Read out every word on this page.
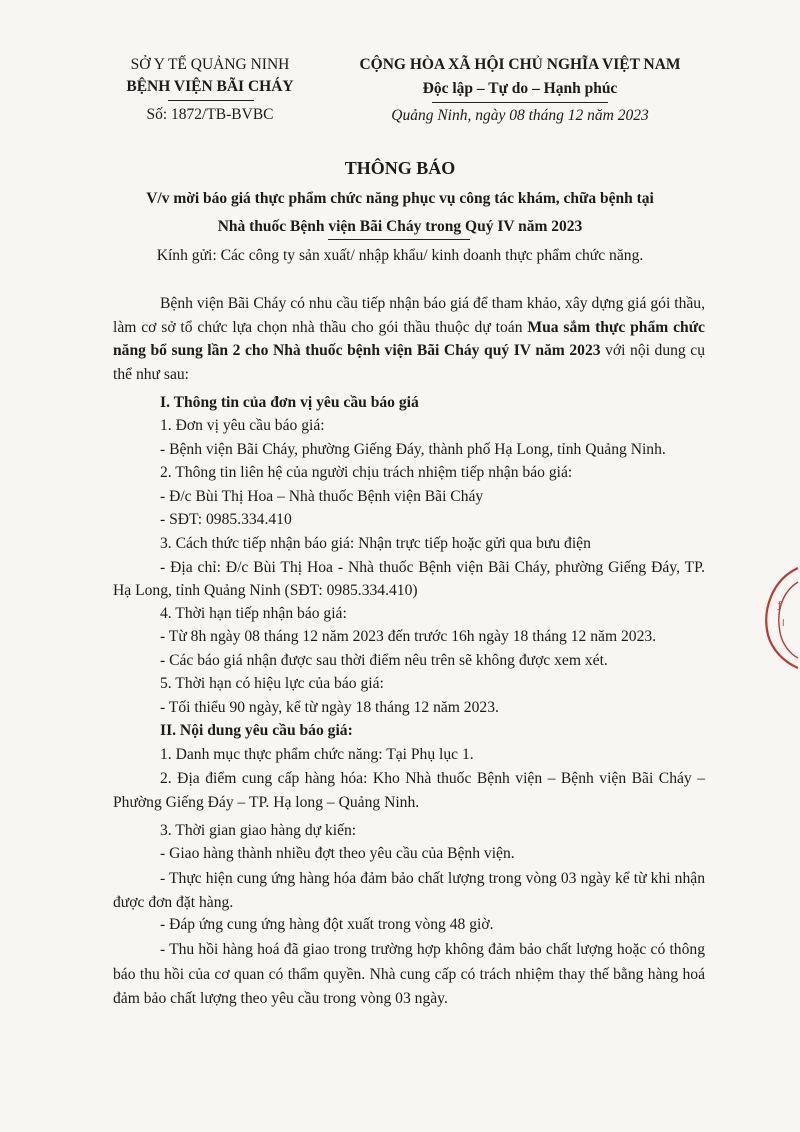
SỞ Y TẾ QUẢNG NINH
BỆNH VIỆN BÃI CHÁY
Số: 1872/TB-BVBC
CỘNG HÒA XÃ HỘI CHỦ NGHĨA VIỆT NAM
Độc lập – Tự do – Hạnh phúc
Quảng Ninh, ngày 08 tháng 12 năm 2023
THÔNG BÁO
V/v mời báo giá thực phẩm chức năng phục vụ công tác khám, chữa bệnh tại
Nhà thuốc Bệnh viện Bãi Cháy trong Quý IV năm 2023
Kính gửi: Các công ty sản xuất/ nhập khẩu/ kinh doanh thực phẩm chức năng.
Bệnh viện Bãi Cháy có nhu cầu tiếp nhận báo giá để tham khảo, xây dựng giá gói thầu, làm cơ sở tổ chức lựa chọn nhà thầu cho gói thầu thuộc dự toán Mua sắm thực phẩm chức năng bổ sung lần 2 cho Nhà thuốc bệnh viện Bãi Cháy quý IV năm 2023 với nội dung cụ thể như sau:
I. Thông tin của đơn vị yêu cầu báo giá
1. Đơn vị yêu cầu báo giá:
- Bệnh viện Bãi Cháy, phường Giếng Đáy, thành phố Hạ Long, tỉnh Quảng Ninh.
2. Thông tin liên hệ của người chịu trách nhiệm tiếp nhận báo giá:
- Đ/c Bùi Thị Hoa – Nhà thuốc Bệnh viện Bãi Cháy
- SĐT: 0985.334.410
3. Cách thức tiếp nhận báo giá: Nhận trực tiếp hoặc gửi qua bưu điện
- Địa chỉ: Đ/c Bùi Thị Hoa - Nhà thuốc Bệnh viện Bãi Cháy, phường Giếng Đáy, TP. Hạ Long, tỉnh Quảng Ninh (SĐT: 0985.334.410)
4. Thời hạn tiếp nhận báo giá:
- Từ 8h ngày 08 tháng 12 năm 2023 đến trước 16h ngày 18 tháng 12 năm 2023.
- Các báo giá nhận được sau thời điểm nêu trên sẽ không được xem xét.
5. Thời hạn có hiệu lực của báo giá:
- Tối thiểu 90 ngày, kể từ ngày 18 tháng 12 năm 2023.
II. Nội dung yêu cầu báo giá:
1. Danh mục thực phẩm chức năng: Tại Phụ lục 1.
2. Địa điểm cung cấp hàng hóa: Kho Nhà thuốc Bệnh viện – Bệnh viện Bãi Cháy – Phường Giếng Đáy – TP. Hạ long – Quảng Ninh.
3. Thời gian giao hàng dự kiến:
- Giao hàng thành nhiều đợt theo yêu cầu của Bệnh viện.
- Thực hiện cung ứng hàng hóa đảm bảo chất lượng trong vòng 03 ngày kể từ khi nhận được đơn đặt hàng.
- Đáp ứng cung ứng hàng đột xuất trong vòng 48 giờ.
- Thu hồi hàng hoá đã giao trong trường hợp không đảm bảo chất lượng hoặc có thông báo thu hồi của cơ quan có thẩm quyền. Nhà cung cấp có trách nhiệm thay thế bằng hàng hoá đảm bảo chất lượng theo yêu cầu trong vòng 03 ngày.
ƒ
l
